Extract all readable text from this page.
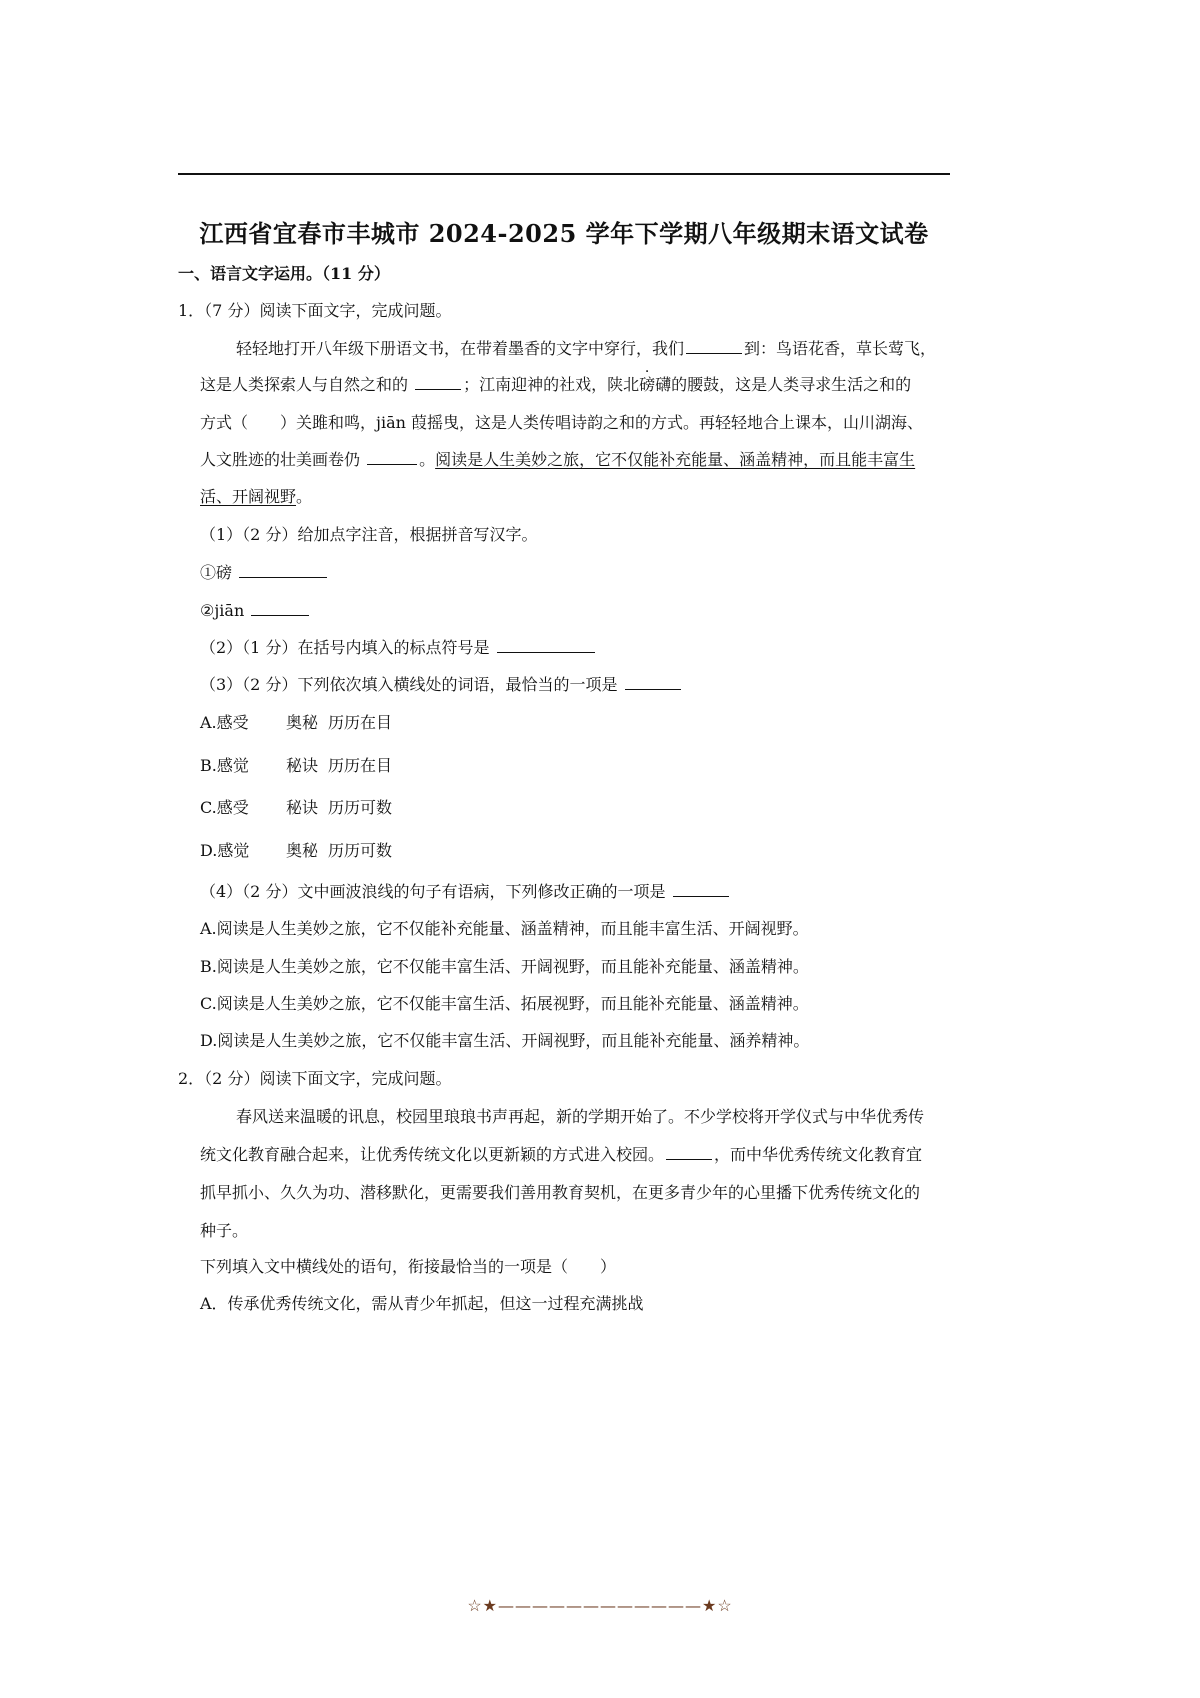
江西省宜春市丰城市 2024-2025 学年下学期八年级期末语文试卷
一、语言文字运用。（11 分）
1．（7 分）阅读下面文字，完成问题。
轻轻地打开八年级下册语文书，在带着墨香的文字中穿行，我们	到：鸟语花香，草长莺飞，
这是人类探索人与自然之和的	；江南迎神的社戏，陕北磅礴的腰鼓，这是人类寻求生活之和的
方式（　　）关雎和鸣，jiān 葭摇曳，这是人类传唱诗韵之和的方式。再轻轻地合上课本，山川湖海、
人文胜迹的壮美画卷仍	。阅读是人生美妙之旅，它不仅能补充能量、涵盖精神，而且能丰富生
活、开阔视野。
（1）（2 分）给加点字注音，根据拼音写汉字。
①磅
②jiān
（2）（1 分）在括号内填入的标点符号是
（3）（2 分）下列依次填入横线处的词语，最恰当的一项是
A.感受 奥秘 历历在目
B.感觉 秘诀 历历在目
C.感受 秘诀 历历可数
D.感觉 奥秘 历历可数
（4）（2 分）文中画波浪线的句子有语病，下列修改正确的一项是
A.阅读是人生美妙之旅，它不仅能补充能量、涵盖精神，而且能丰富生活、开阔视野。
B.阅读是人生美妙之旅，它不仅能丰富生活、开阔视野，而且能补充能量、涵盖精神。
C.阅读是人生美妙之旅，它不仅能丰富生活、拓展视野，而且能补充能量、涵盖精神。
D.阅读是人生美妙之旅，它不仅能丰富生活、开阔视野，而且能补充能量、涵养精神。
2．（2 分）阅读下面文字，完成问题。
春风送来温暖的讯息，校园里琅琅书声再起，新的学期开始了。不少学校将开学仪式与中华优秀传
统文化教育融合起来，让优秀传统文化以更新颖的方式进入校园。	，而中华优秀传统文化教育宜
抓早抓小、久久为功、潜移默化，更需要我们善用教育契机，在更多青少年的心里播下优秀传统文化的
种子。
下列填入文中横线处的语句，衔接最恰当的一项是（　　）
A．传承优秀传统文化，需从青少年抓起，但这一过程充满挑战
☆★————————————★☆
